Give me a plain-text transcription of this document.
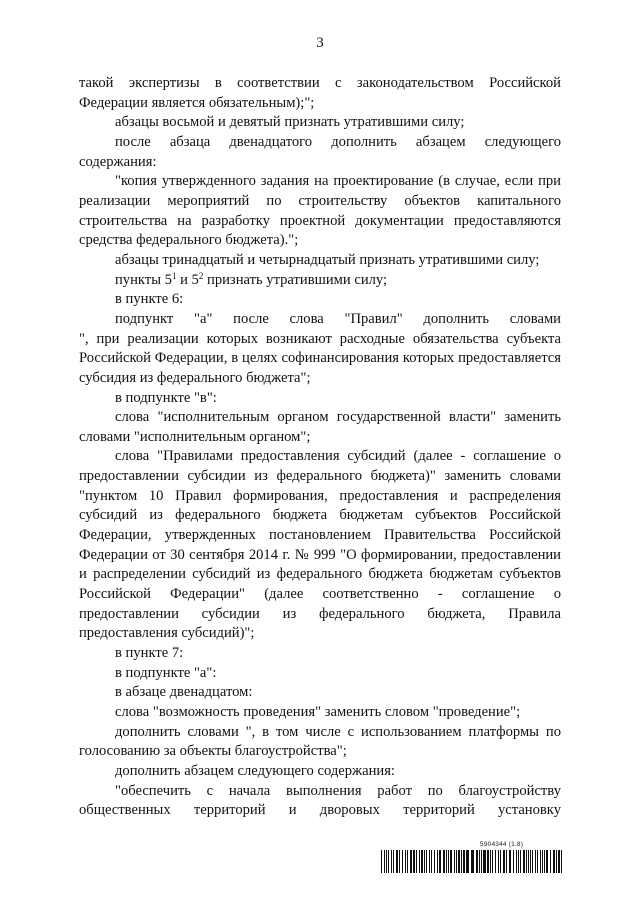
3

такой экспертизы в соответствии с законодательством Российской Федерации является обязательным);";

абзацы восьмой и девятый признать утратившими силу;

после абзаца двенадцатого дополнить абзацем следующего содержания:

"копия утвержденного задания на проектирование (в случае, если при реализации мероприятий по строительству объектов капитального строительства на разработку проектной документации предоставляются средства федерального бюджета).";

абзацы тринадцатый и четырнадцатый признать утратившими силу;

пункты $5^1$ и $5^2$ признать утратившими силу;

в пункте 6:

подпункт "а" после слова "Правил" дополнить словами

", при реализации которых возникают расходные обязательства субъекта Российской Федерации, в целях софинансирования которых предоставляется субсидия из федерального бюджета";

в подпункте "в":

слова "исполнительным органом государственной власти" заменить словами "исполнительным органом";

слова "Правилами предоставления субсидий (далее - соглашение о предоставлении субсидии из федерального бюджета)" заменить словами "пунктом 10 Правил формирования, предоставления и распределения субсидий из федерального бюджета бюджетам субъектов Российской Федерации, утвержденных постановлением Правительства Российской Федерации от 30 сентября 2014 г. № 999 "О формировании, предоставлении и распределении субсидий из федерального бюджета бюджетам субъектов Российской Федерации" (далее соответственно - соглашение о предоставлении субсидии из федерального бюджета, Правила предоставления субсидий)";

в пункте 7:

в подпункте "а":

в абзаце двенадцатом:

слова "возможность проведения" заменить словом "проведение";

дополнить словами ", в том числе с использованием платформы по голосованию за объекты благоустройства";

дополнить абзацем следующего содержания:

"обеспечить с начала выполнения работ по благоустройству общественных территорий и дворовых территорий установку

5904344 (1.8)
